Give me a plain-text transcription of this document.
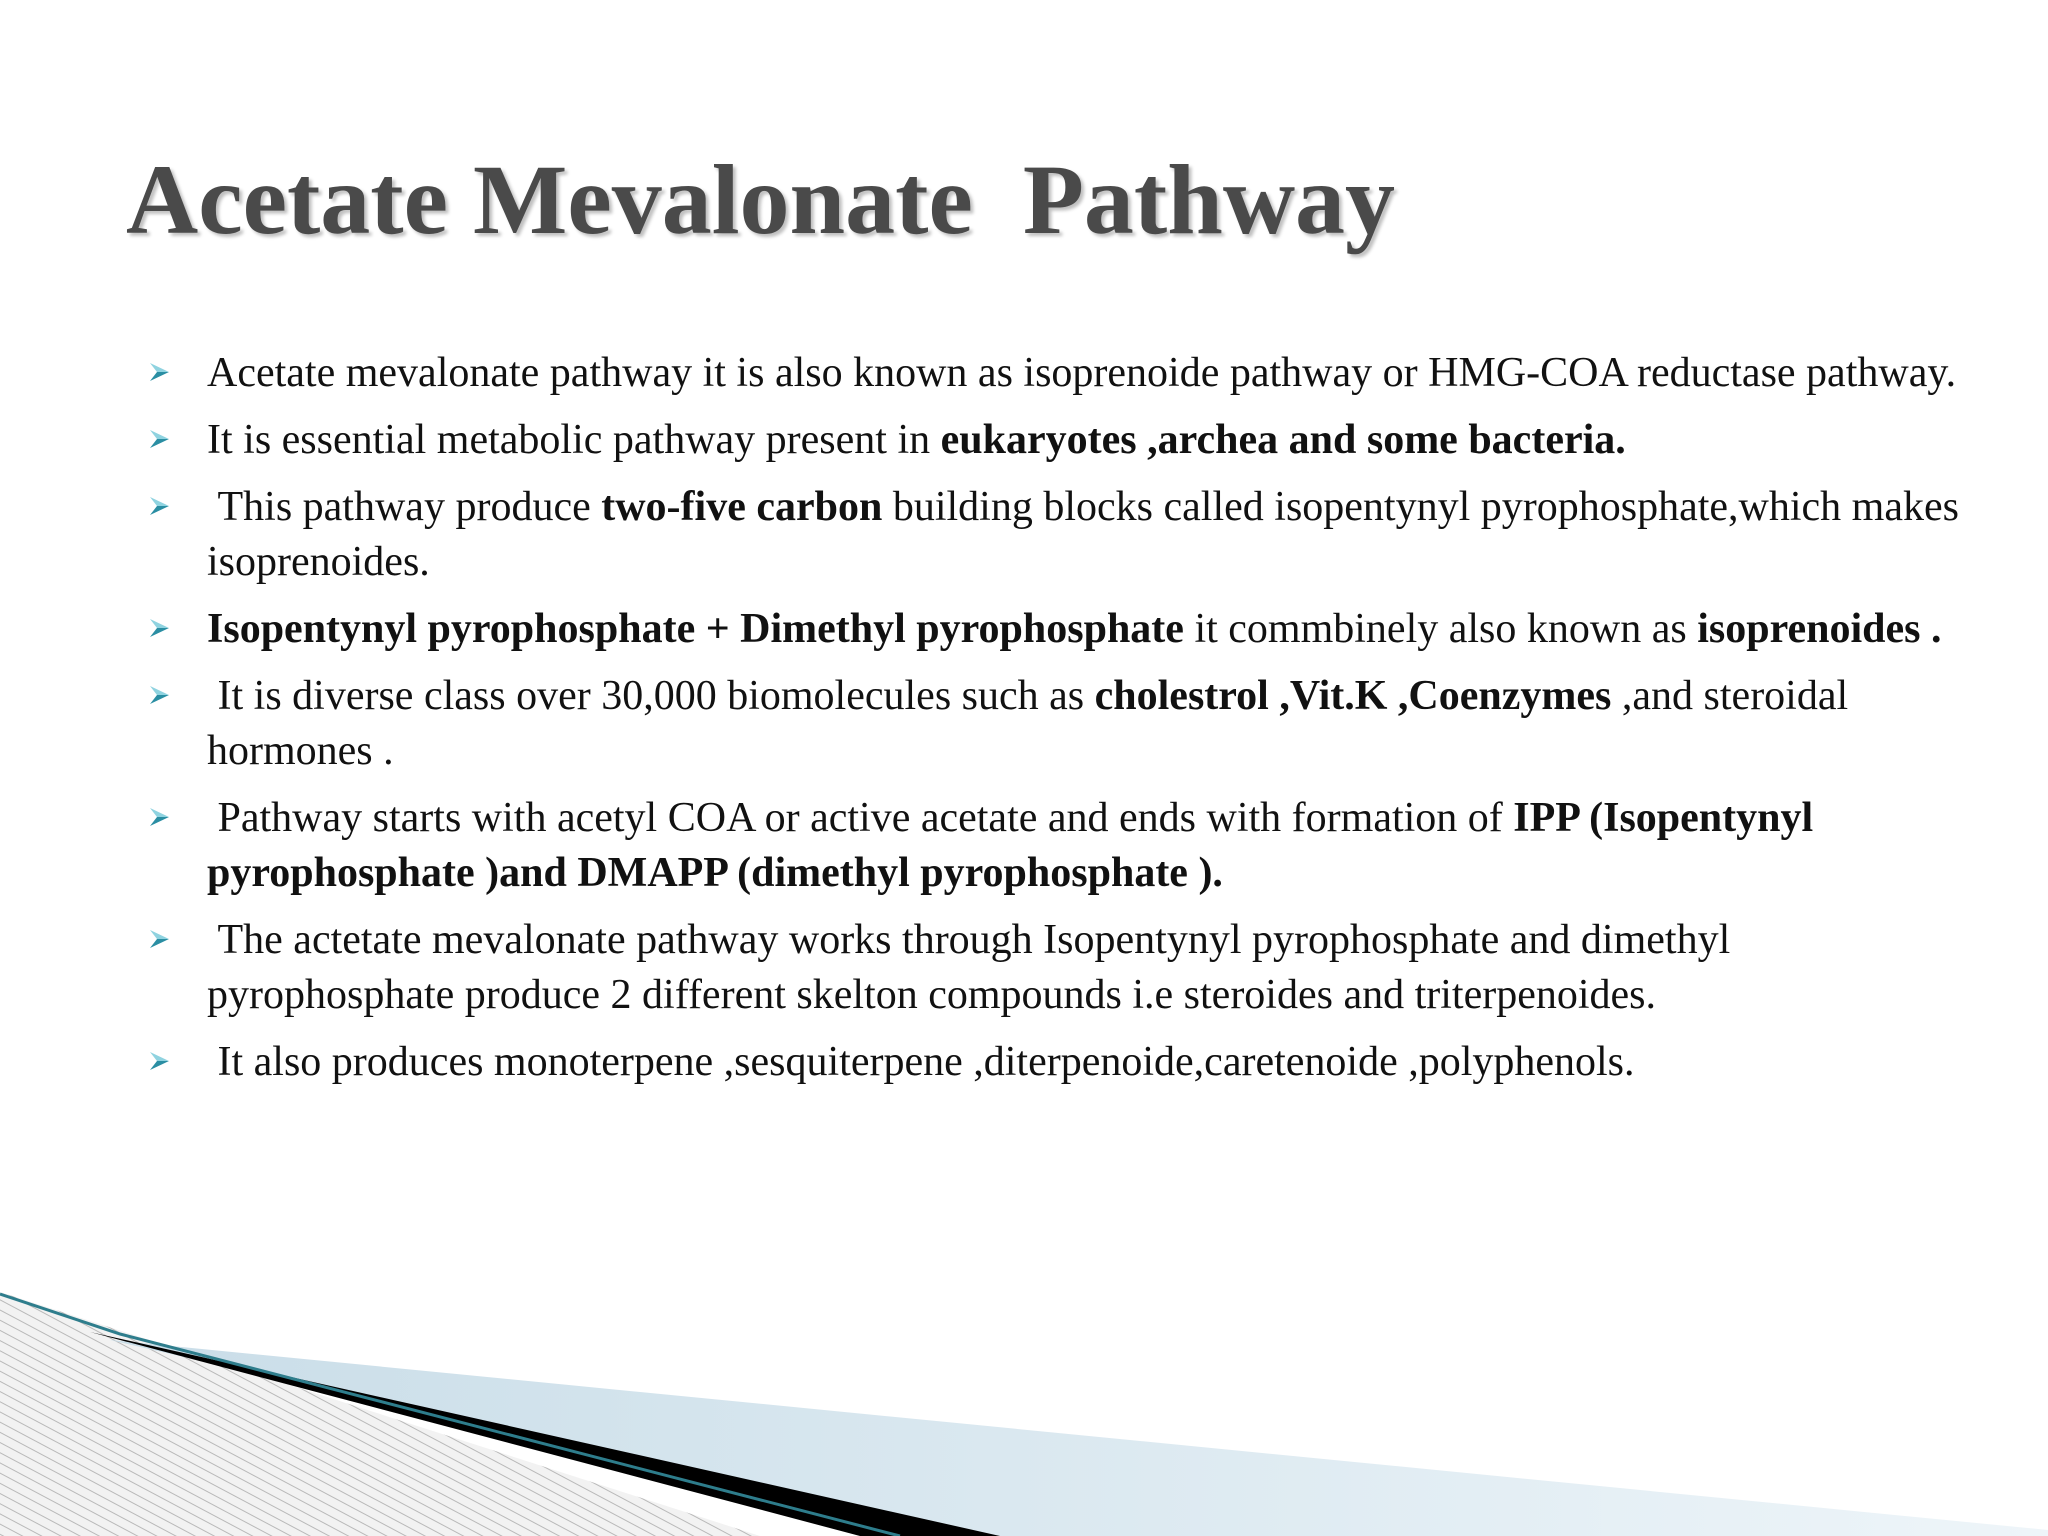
Acetate Mevalonate  Pathway
Acetate mevalonate pathway it is also known as isoprenoide pathway or HMG-COA reductase pathway.
It is essential metabolic pathway present in eukaryotes ,archea and some bacteria.
This pathway produce two-five carbon building blocks called isopentynyl pyrophosphate,which makes isoprenoides.
Isopentynyl pyrophosphate + Dimethyl pyrophosphate it commbinely also known as isoprenoides .
It is diverse class over 30,000 biomolecules such as cholestrol ,Vit.K ,Coenzymes ,and steroidal hormones .
Pathway starts with acetyl COA or active acetate and ends with formation of IPP (Isopentynyl pyrophosphate )and DMAPP (dimethyl pyrophosphate ).
The actetate mevalonate pathway works through Isopentynyl pyrophosphate and dimethyl pyrophosphate produce 2 different skelton compounds i.e steroides and triterpenoides.
It also produces monoterpene ,sesquiterpene ,diterpenoide,caretenoide ,polyphenols.
